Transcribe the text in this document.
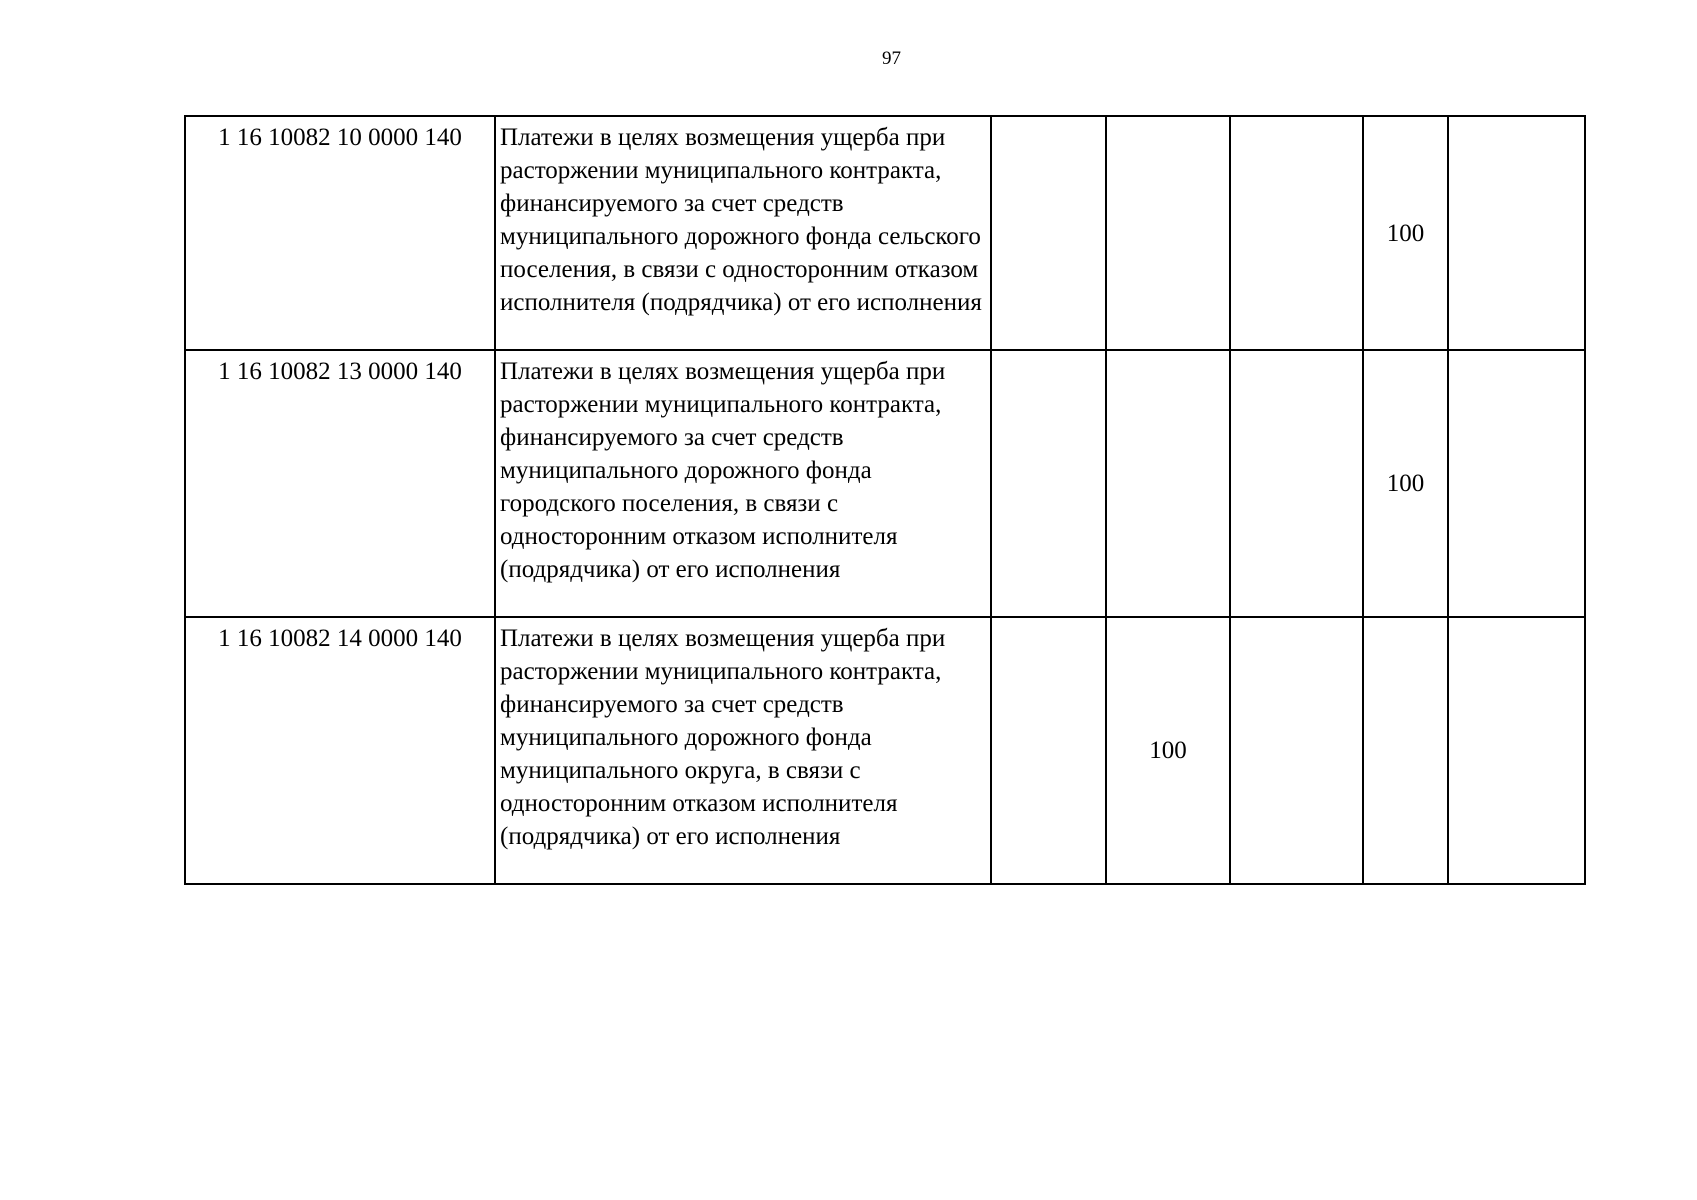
97
1 16 10082 10 0000 140	Платежи в целях возмещения ущерба при расторжении муниципального контракта, финансируемого за счет средств муниципального дорожного фонда сельского поселения, в связи с односторонним отказом исполнителя (подрядчика) от его исполнения				100	
1 16 10082 13 0000 140	Платежи в целях возмещения ущерба при расторжении муниципального контракта, финансируемого за счет средств муниципального дорожного фонда городского поселения, в связи с односторонним отказом исполнителя (подрядчика) от его исполнения				100	
1 16 10082 14 0000 140	Платежи в целях возмещения ущерба при расторжении муниципального контракта, финансируемого за счет средств муниципального дорожного фонда муниципального округа, в связи с односторонним отказом исполнителя (подрядчика) от его исполнения		100			
